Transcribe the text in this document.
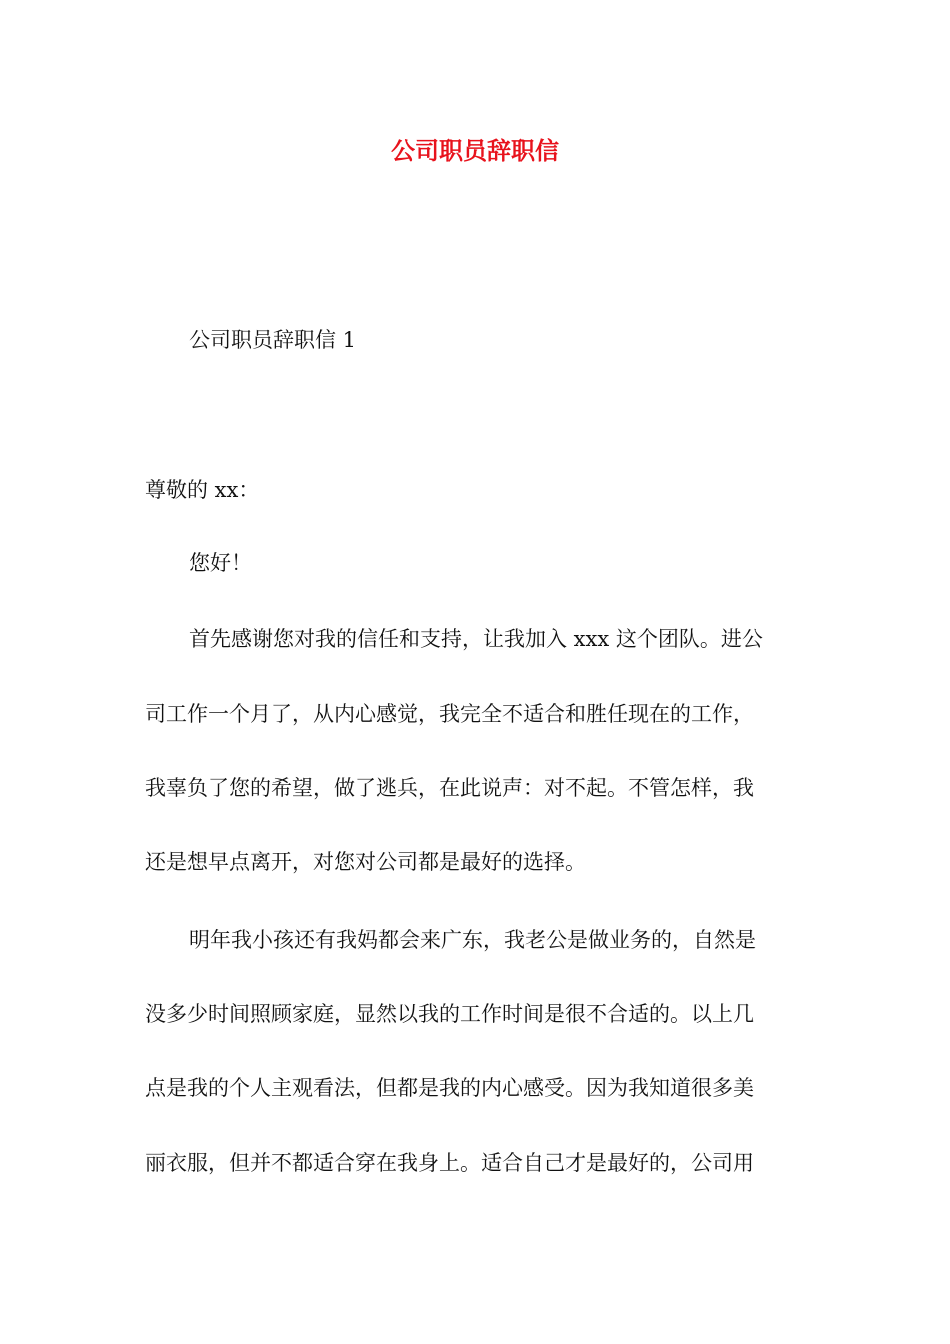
公司职员辞职信
公司职员辞职信 1
尊敬的 xx：
您好！
首先感谢您对我的信任和支持，让我加入 xxx 这个团队。进公
司工作一个月了，从内心感觉，我完全不适合和胜任现在的工作，
我辜负了您的希望，做了逃兵，在此说声：对不起。不管怎样，我
还是想早点离开，对您对公司都是最好的选择。
明年我小孩还有我妈都会来广东，我老公是做业务的，自然是
没多少时间照顾家庭，显然以我的工作时间是很不合适的。以上几
点是我的个人主观看法，但都是我的内心感受。因为我知道很多美
丽衣服，但并不都适合穿在我身上。适合自己才是最好的，公司用
